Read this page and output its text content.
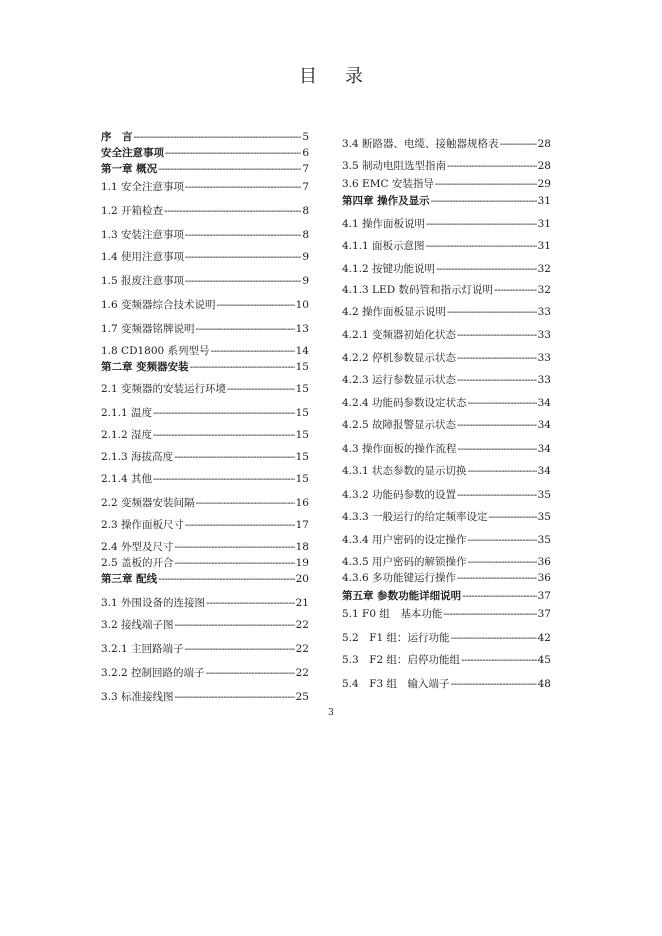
目 录
序　言 -----	5
安全注意事项 -----	6
第一章 概况 -----	7
1.1 安全注意事项 -----	7
1.2 开箱检查 -----	8
1.3 安装注意事项 -----	8
1.4 使用注意事项 -----	9
1.5 报废注意事项 -----	9
1.6 变频器综合技术说明 -----	10
1.7 变频器铭牌说明 -----	13
1.8 CD1800 系列型号 -----	14
第二章 变频器安装 -----	15
2.1 变频器的安装运行环境 -----	15
2.1.1 温度 -----	15
2.1.2 湿度 -----	15
2.1.3 海拔高度 -----	15
2.1.4 其他 -----	15
2.2 变频器安装间隔 -----	16
2.3 操作面板尺寸 -----	17
2.4 外型及尺寸 -----	18
2.5 盖板的开合 -----	19
第三章 配线 -----	20
3.1 外围设备的连接图 -----	21
3.2 接线端子图 -----	22
3.2.1 主回路端子 -----	22
3.2.2 控制回路的端子 -----	22
3.3 标准接线图 -----	25
3.4 断路器、电缆、接触器规格表 -----	28
3.5 制动电阻选型指南 -----	28
3.6 EMC 安装指导 -----	29
第四章 操作及显示 -----	31
4.1 操作面板说明 -----	31
4.1.1 面板示意图 -----	31
4.1.2 按键功能说明 -----	32
4.1.3 LED 数码管和指示灯说明 -----	32
4.2 操作面板显示说明 -----	33
4.2.1 变频器初始化状态 -----	33
4.2.2 停机参数显示状态 -----	33
4.2.3 运行参数显示状态 -----	33
4.2.4 功能码参数设定状态 -----	34
4.2.5 故障报警显示状态 -----	34
4.3 操作面板的操作流程 -----	34
4.3.1 状态参数的显示切换 -----	34
4.3.2 功能码参数的设置 -----	35
4.3.3 一般运行的给定频率设定 -----	35
4.3.4 用户密码的设定操作 -----	35
4.3.5 用户密码的解锁操作 -----	36
4.3.6 多功能键运行操作 -----	36
第五章 参数功能详细说明 -----	37
5.1 F0 组　基本功能 -----	37
5.2　F1 组：运行功能 -----	42
5.3　F2 组：启停功能组 -----	45
5.4　F3 组　输入端子 -----	48
3
